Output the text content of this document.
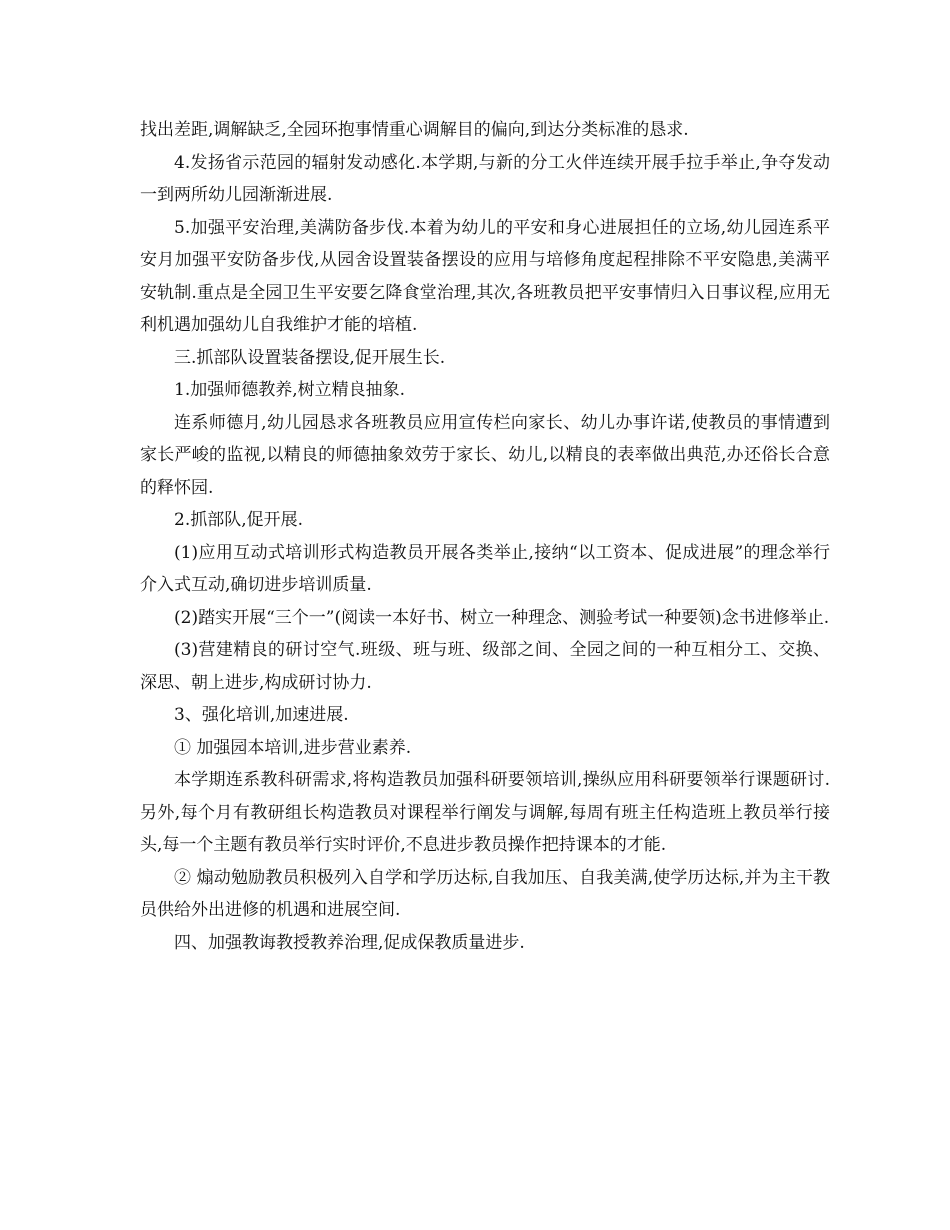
找出差距,调解缺乏,全园环抱事情重心调解目的偏向,到达分类标准的恳求.

4.发扬省示范园的辐射发动感化.本学期,与新的分工火伴连续开展手拉手举止,争夺发动一到两所幼儿园渐渐进展.

5.加强平安治理,美满防备步伐.本着为幼儿的平安和身心进展担任的立场,幼儿园连系平安月加强平安防备步伐,从园舍设置装备摆设的应用与培修角度起程排除不平安隐患,美满平安轨制.重点是全园卫生平安要乞降食堂治理,其次,各班教员把平安事情归入日事议程,应用无利机遇加强幼儿自我维护才能的培植.

三.抓部队设置装备摆设,促开展生长.

1.加强师德教养,树立精良抽象.

连系师德月,幼儿园恳求各班教员应用宣传栏向家长、幼儿办事许诺,使教员的事情遭到家长严峻的监视,以精良的师德抽象效劳于家长、幼儿,以精良的表率做出典范,办还俗长合意的释怀园.

2.抓部队,促开展.

(1)应用互动式培训形式构造教员开展各类举止,接纳“以工资本、促成进展”的理念举行介入式互动,确切进步培训质量.

(2)踏实开展“三个一”(阅读一本好书、树立一种理念、测验考试一种要领)念书进修举止.

(3)营建精良的研讨空气.班级、班与班、级部之间、全园之间的一种互相分工、交换、深思、朝上进步,构成研讨协力.

3、强化培训,加速进展.

① 加强园本培训,进步营业素养.

本学期连系教科研需求,将构造教员加强科研要领培训,操纵应用科研要领举行课题研讨.另外,每个月有教研组长构造教员对课程举行阐发与调解,每周有班主任构造班上教员举行接头,每一个主题有教员举行实时评价,不息进步教员操作把持课本的才能.

② 煽动勉励教员积极列入自学和学历达标,自我加压、自我美满,使学历达标,并为主干教员供给外出进修的机遇和进展空间.

四、加强教诲教授教养治理,促成保教质量进步.
